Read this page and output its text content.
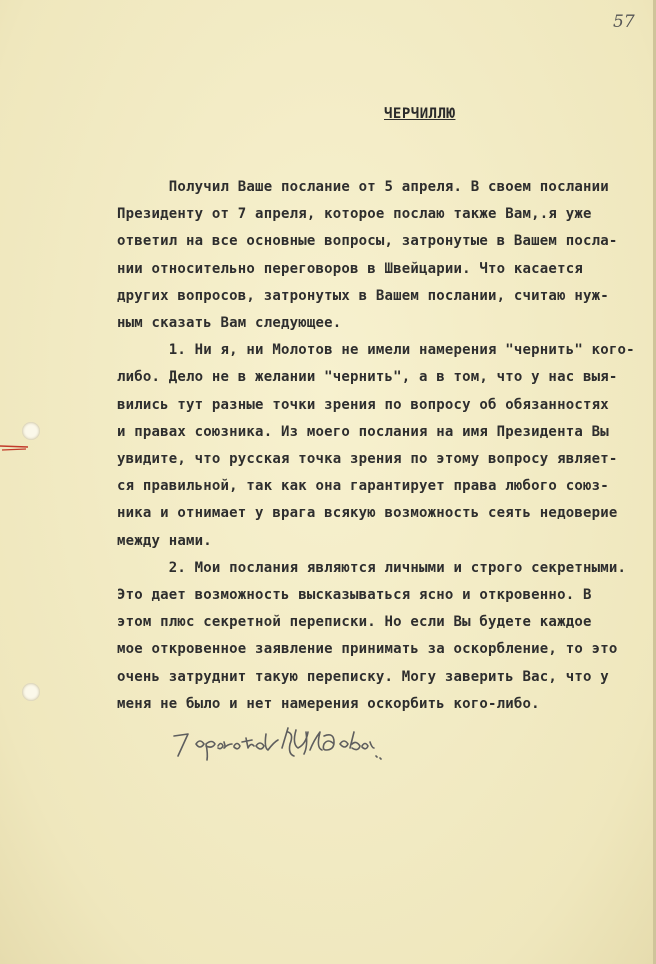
57
ЧЕРЧИЛЛЮ
Получил Ваше послание от 5 апреля. В своем послании
Президенту от 7 апреля, которое послаю также Вам,.я уже
ответил на все основные вопросы, затронутые в Вашем посла-
нии относительно переговоров в Швейцарии. Что касается
других вопросов, затронутых в Вашем послании, считаю нуж-
ным сказать Вам следующее.
1. Ни я, ни Молотов не имели намерения "чернить" кого-
либо. Дело не в желании "чернить", а в том, что у нас выя-
вились тут разные точки зрения по вопросу об обязанностях
и правах союзника. Из моего послания на имя Президента Вы
увидите, что русская точка зрения по этому вопросу являет-
ся правильной, так как она гарантирует права любого союз-
ника и отнимает у врага всякую возможность сеять недоверие
между нами.
2. Мои послания являются личными и строго секретными.
Это дает возможность высказываться ясно и откровенно. В
этом плюс секретной переписки. Но если Вы будете каждое
мое откровенное заявление принимать за оскорбление, то это
очень затруднит такую переписку. Могу заверить Вас, что у
меня не было и нет намерения оскорбить кого-либо.
